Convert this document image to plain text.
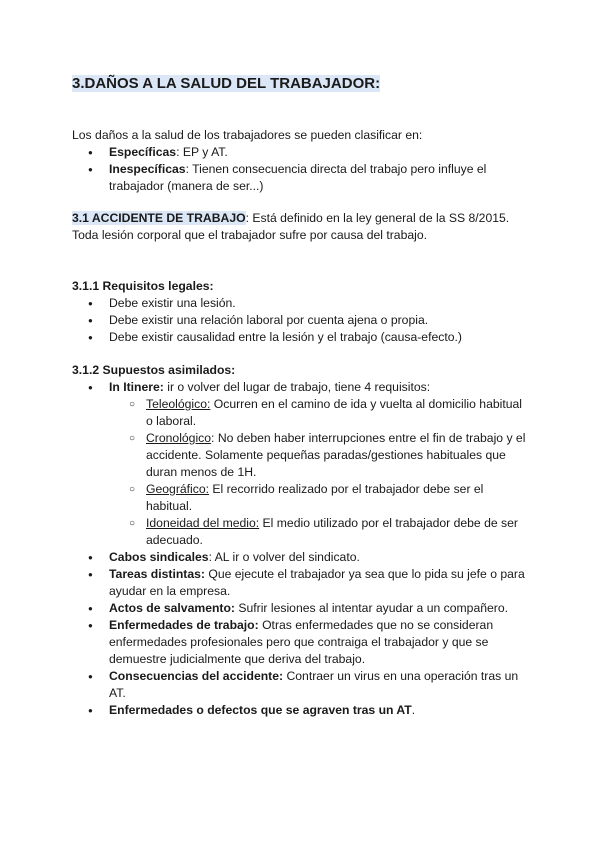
3.DAÑOS A LA SALUD DEL TRABAJADOR:

Los daños a la salud de los trabajadores se pueden clasificar en:

● Específicas: EP y AT.
● Inespecíficas: Tienen consecuencia directa del trabajo pero influye el trabajador (manera de ser...)

3.1 ACCIDENTE DE TRABAJO: Está definido en la ley general de la SS 8/2015.

Toda lesión corporal que el trabajador sufre por causa del trabajo.

3.1.1 Requisitos legales:

● Debe existir una lesión.
● Debe existir una relación laboral por cuenta ajena o propia.
● Debe existir causalidad entre la lesión y el trabajo (causa-efecto.)

3.1.2 Supuestos asimilados:

● In Itinere: ir o volver del lugar de trabajo, tiene 4 requisitos:
○ Teleológico: Ocurren en el camino de ida y vuelta al domicilio habitual o laboral.
○ Cronológico: No deben haber interrupciones entre el fin de trabajo y el accidente. Solamente pequeñas paradas/gestiones habituales que duran menos de 1H.
○ Geográfico: El recorrido realizado por el trabajador debe ser el habitual.
○ Idoneidad del medio: El medio utilizado por el trabajador debe de ser adecuado.
● Cabos sindicales: AL ir o volver del sindicato.
● Tareas distintas: Que ejecute el trabajador ya sea que lo pida su jefe o para ayudar en la empresa.
● Actos de salvamento: Sufrir lesiones al intentar ayudar a un compañero.
● Enfermedades de trabajo: Otras enfermedades que no se consideran enfermedades profesionales pero que contraiga el trabajador y que se demuestre judicialmente que deriva del trabajo.
● Consecuencias del accidente: Contraer un virus en una operación tras un AT.
● Enfermedades o defectos que se agraven tras un AT.
